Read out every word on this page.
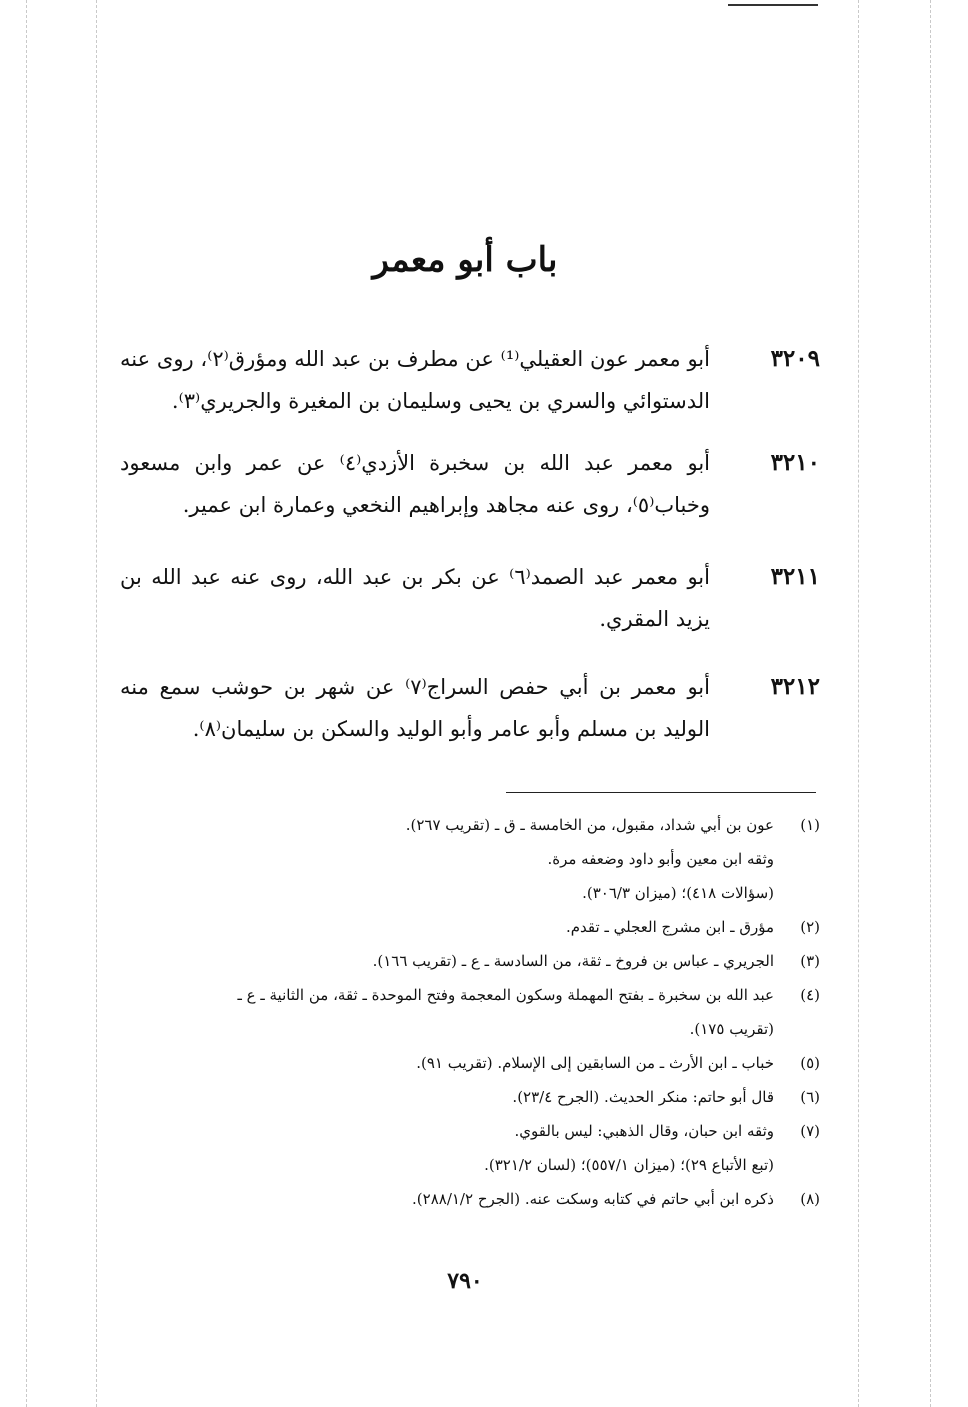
باب أبو معمر
٣٢٠٩
أبو معمر عون العقيلي⁽¹⁾ عن مطرف بن عبد الله ومؤرق⁽٢⁾، روى عنه الدستوائي والسري بن يحيى وسليمان بن المغيرة والجريري⁽٣⁾.
٣٢١٠
أبو معمر عبد الله بن سخبرة الأزدي⁽٤⁾ عن عمر وابن مسعود وخباب⁽٥⁾، روى عنه مجاهد وإبراهيم النخعي وعمارة ابن عمير.
٣٢١١
أبو معمر عبد الصمد⁽٦⁾ عن بكر بن عبد الله، روى عنه عبد الله بن يزيد المقري.
٣٢١٢
أبو معمر بن أبي حفص السراج⁽٧⁾ عن شهر بن حوشب سمع منه الوليد بن مسلم وأبو عامر وأبو الوليد والسكن بن سليمان⁽٨⁾.
(١)
عون بن أبي شداد، مقبول، من الخامسة ـ ق ـ (تقريب ٢٦٧).
وثقه ابن معين وأبو داود وضعفه مرة.
(سؤالات ٤١٨)؛ (ميزان ٣٠٦/٣).
(٢)
مؤرق ـ ابن مشرج العجلي ـ تقدم.
(٣)
الجريري ـ عباس بن فروخ ـ ثقة، من السادسة ـ ع ـ (تقريب ١٦٦).
(٤)
عبد الله بن سخبرة ـ بفتح المهملة وسكون المعجمة وفتح الموحدة ـ ثقة، من الثانية ـ ع ـ
(تقريب ١٧٥).
(٥)
خباب ـ ابن الأرث ـ من السابقين إلى الإسلام. (تقريب ٩١).
(٦)
قال أبو حاتم: منكر الحديث. (الجرح ٢٣/٤).
(٧)
وثقه ابن حبان، وقال الذهبي: ليس بالقوي.
(تبع الأتباع ٢٩)؛ (ميزان ٥٥٧/١)؛ (لسان ٣٢١/٢).
(٨)
ذكره ابن أبي حاتم في كتابه وسكت عنه. (الجرح ٢٨٨/١/٢).
٧٩٠
